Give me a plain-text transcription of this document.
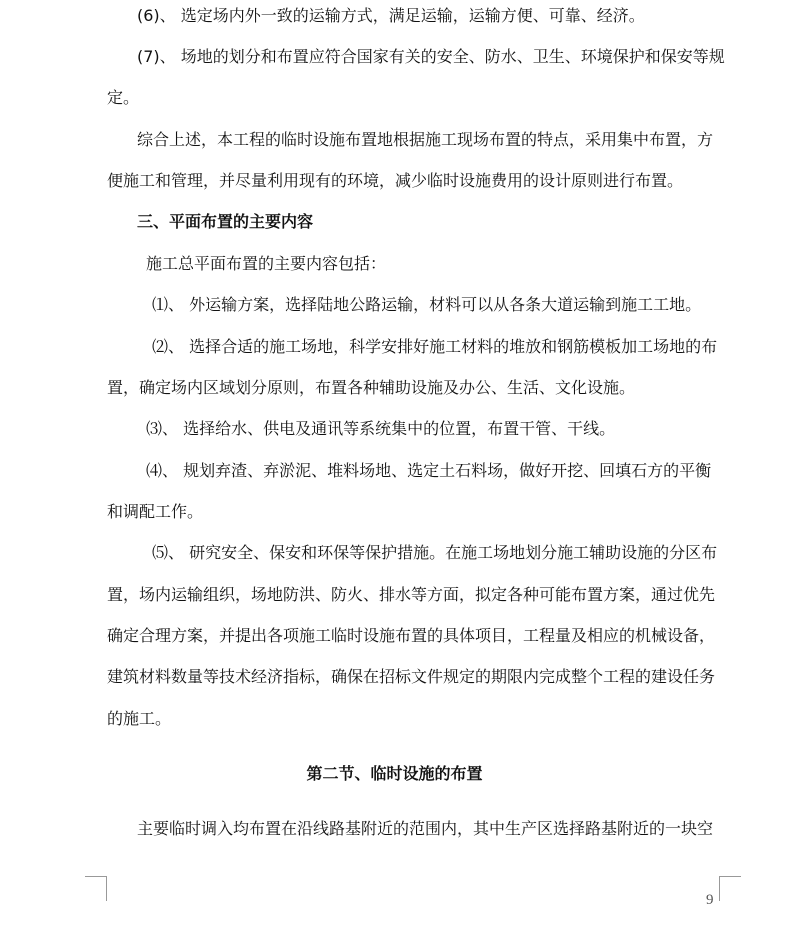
(6)、 选定场内外一致的运输方式，满足运输，运输方便、可靠、经济。
(7)、 场地的划分和布置应符合国家有关的安全、防水、卫生、环境保护和保安等规
定。
综合上述，本工程的临时设施布置地根据施工现场布置的特点，采用集中布置，方
便施工和管理，并尽量利用现有的环境，减少临时设施费用的设计原则进行布置。
三、平面布置的主要内容
施工总平面布置的主要内容包括：
⑴、 外运输方案，选择陆地公路运输，材料可以从各条大道运输到施工工地。
⑵、 选择合适的施工场地，科学安排好施工材料的堆放和钢筋模板加工场地的布
置，确定场内区域划分原则，布置各种辅助设施及办公、生活、文化设施。
⑶、 选择给水、供电及通讯等系统集中的位置，布置干管、干线。
⑷、 规划弃渣、弃淤泥、堆料场地、选定土石料场，做好开挖、回填石方的平衡
和调配工作。
⑸、 研究安全、保安和环保等保护措施。在施工场地划分施工辅助设施的分区布
置，场内运输组织，场地防洪、防火、排水等方面，拟定各种可能布置方案，通过优先
确定合理方案，并提出各项施工临时设施布置的具体项目，工程量及相应的机械设备，
建筑材料数量等技术经济指标，确保在招标文件规定的期限内完成整个工程的建设任务
的施工。
第二节、临时设施的布置
主要临时调入均布置在沿线路基附近的范围内，其中生产区选择路基附近的一块空
9
